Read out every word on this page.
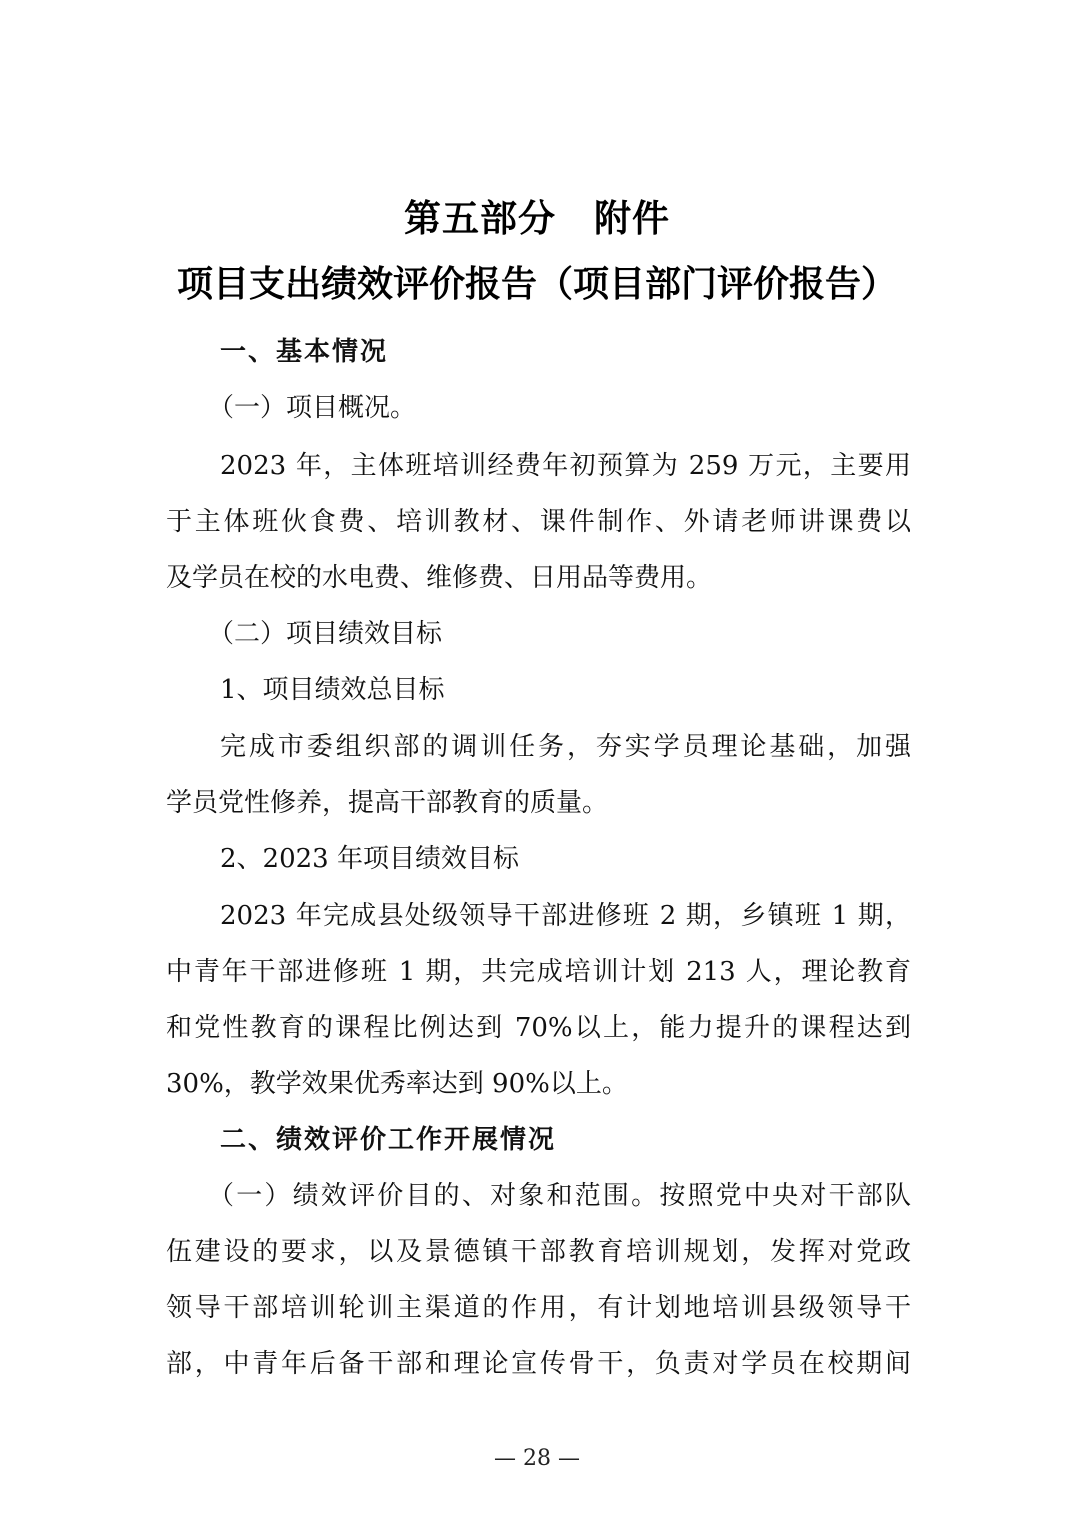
第五部分　附件
项目支出绩效评价报告（项目部门评价报告）
一、基本情况
（一）项目概况。
2023 年，主体班培训经费年初预算为 259 万元，主要用
于主体班伙食费、培训教材、课件制作、外请老师讲课费以
及学员在校的水电费、维修费、日用品等费用。
（二）项目绩效目标
1、项目绩效总目标
完成市委组织部的调训任务，夯实学员理论基础，加强
学员党性修养，提高干部教育的质量。
2、2023 年项目绩效目标
2023 年完成县处级领导干部进修班 2 期，乡镇班 1 期，
中青年干部进修班 1 期，共完成培训计划 213 人，理论教育
和党性教育的课程比例达到 70%以上，能力提升的课程达到
30%，教学效果优秀率达到 90%以上。
二、绩效评价工作开展情况
（一）绩效评价目的、对象和范围。按照党中央对干部队
伍建设的要求，以及景德镇干部教育培训规划，发挥对党政
领导干部培训轮训主渠道的作用，有计划地培训县级领导干
部，中青年后备干部和理论宣传骨干，负责对学员在校期间
— 28 —
